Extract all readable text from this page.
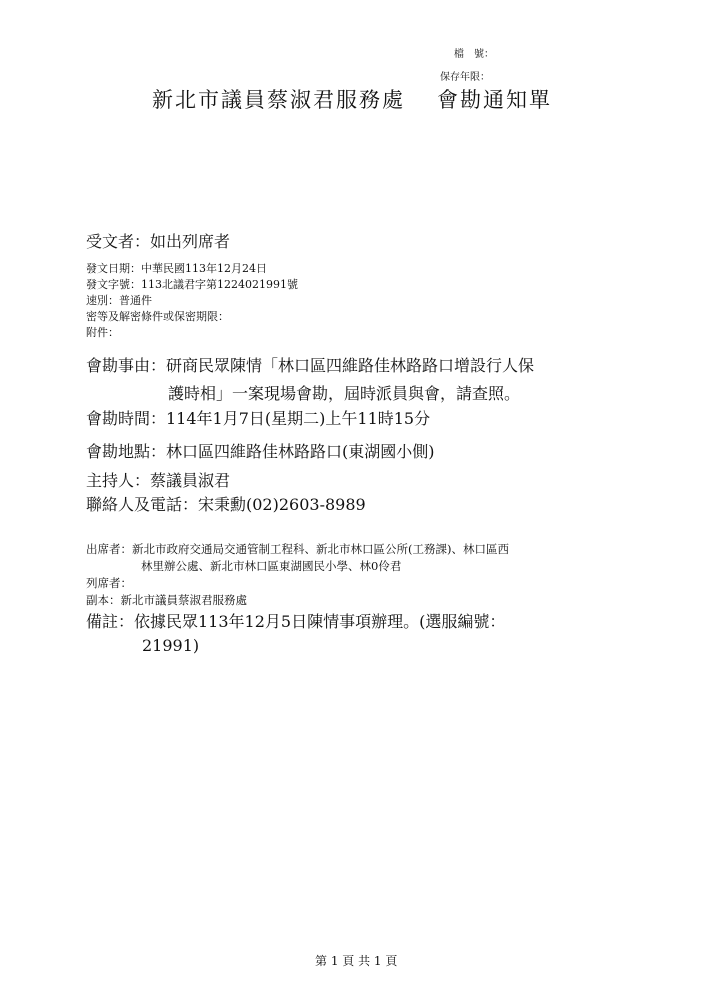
檔　號：
保存年限：
新北市議員蔡淑君服務處 會勘通知單
受文者：如出列席者
發文日期：中華民國113年12月24日
發文字號：113北議君字第1224021991號
速別：普通件
密等及解密條件或保密期限：
附件：
會勘事由：研商民眾陳情「林口區四維路佳林路路口增設行人保
護時相」一案現場會勘，屆時派員與會，請查照。
會勘時間：114年1月7日(星期二)上午11時15分
會勘地點：林口區四維路佳林路路口(東湖國小側)
主持人：蔡議員淑君
聯絡人及電話：宋秉勳(02)2603-8989
出席者：新北市政府交通局交通管制工程科、新北市林口區公所(工務課)、林口區西
林里辦公處、新北市林口區東湖國民小學、林0伶君
列席者：
副本：新北市議員蔡淑君服務處
備註：依據民眾113年12月5日陳情事項辦理。(選服編號：
21991)
第 1 頁 共 1 頁
